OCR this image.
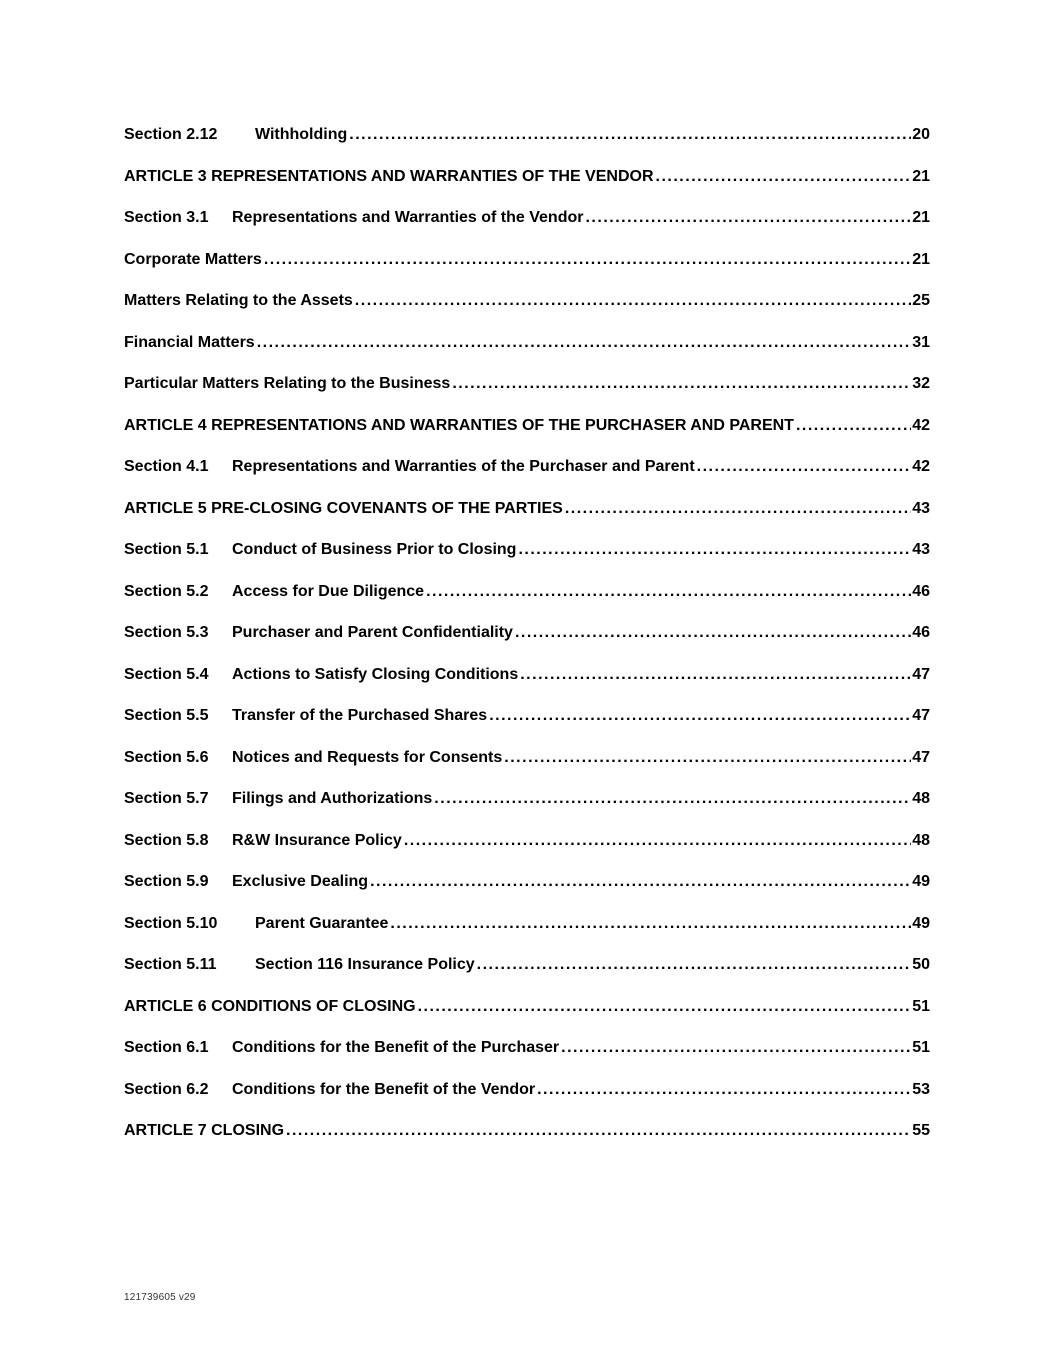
Section 2.12 Withholding .....	20
ARTICLE 3 REPRESENTATIONS AND WARRANTIES OF THE VENDOR .....	21
Section 3.1 Representations and Warranties of the Vendor .....	21
Corporate Matters .....	21
Matters Relating to the Assets .....	25
Financial Matters .....	31
Particular Matters Relating to the Business .....	32
ARTICLE 4 REPRESENTATIONS AND WARRANTIES OF THE PURCHASER AND PARENT .....	42
Section 4.1 Representations and Warranties of the Purchaser and Parent .....	42
ARTICLE 5 PRE-CLOSING COVENANTS OF THE PARTIES .....	43
Section 5.1 Conduct of Business Prior to Closing .....	43
Section 5.2 Access for Due Diligence .....	46
Section 5.3 Purchaser and Parent Confidentiality .....	46
Section 5.4 Actions to Satisfy Closing Conditions .....	47
Section 5.5 Transfer of the Purchased Shares .....	47
Section 5.6 Notices and Requests for Consents .....	47
Section 5.7 Filings and Authorizations .....	48
Section 5.8 R&W Insurance Policy .....	48
Section 5.9 Exclusive Dealing .....	49
Section 5.10 Parent Guarantee .....	49
Section 5.11 Section 116 Insurance Policy .....	50
ARTICLE 6 CONDITIONS OF CLOSING .....	51
Section 6.1 Conditions for the Benefit of the Purchaser .....	51
Section 6.2 Conditions for the Benefit of the Vendor .....	53
ARTICLE 7 CLOSING .....	55
121739605 v29
